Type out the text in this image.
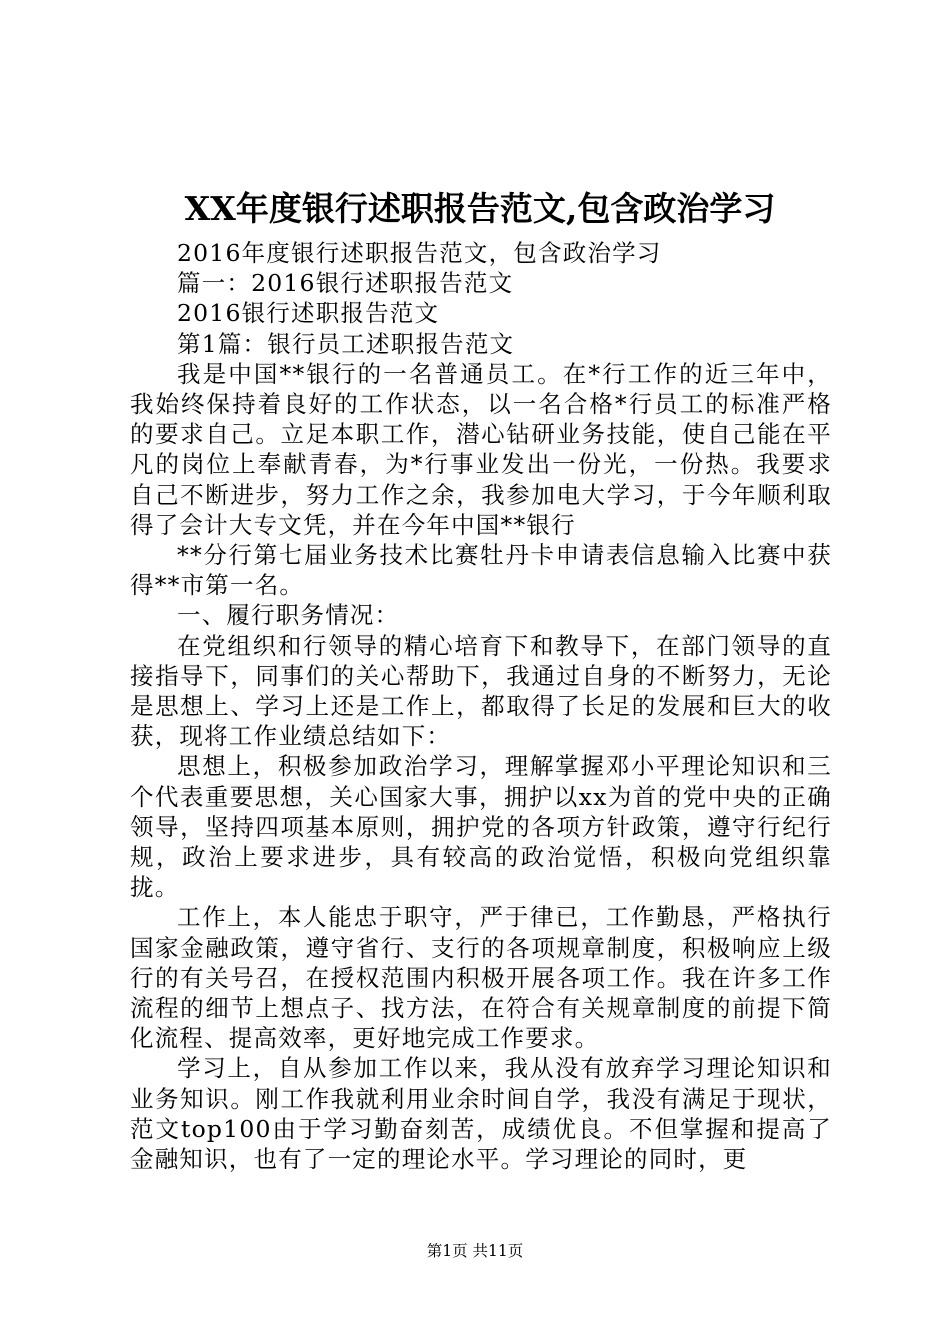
XX年度银行述职报告范文,包含政治学习

2016年度银行述职报告范文，包含政治学习

篇一：2016银行述职报告范文

2016银行述职报告范文

第1篇：银行员工述职报告范文

我是中国**银行的一名普通员工。在*行工作的近三年中，我始终保持着良好的工作状态，以一名合格*行员工的标准严格的要求自己。立足本职工作，潜心钻研业务技能，使自己能在平凡的岗位上奉献青春，为*行事业发出一份光，一份热。我要求自己不断进步，努力工作之余，我参加电大学习，于今年顺利取得了会计大专文凭，并在今年中国**银行

**分行第七届业务技术比赛牡丹卡申请表信息输入比赛中获得**市第一名。

一、履行职务情况：

在党组织和行领导的精心培育下和教导下，在部门领导的直接指导下，同事们的关心帮助下，我通过自身的不断努力，无论是思想上、学习上还是工作上，都取得了长足的发展和巨大的收获，现将工作业绩总结如下：

思想上，积极参加政治学习，理解掌握邓小平理论知识和三个代表重要思想，关心国家大事，拥护以xx为首的党中央的正确领导，坚持四项基本原则，拥护党的各项方针政策，遵守行纪行规，政治上要求进步，具有较高的政治觉悟，积极向党组织靠拢。

工作上，本人能忠于职守，严于律已，工作勤恳，严格执行国家金融政策，遵守省行、支行的各项规章制度，积极响应上级行的有关号召，在授权范围内积极开展各项工作。我在许多工作流程的细节上想点子、找方法，在符合有关规章制度的前提下简化流程、提高效率，更好地完成工作要求。

学习上，自从参加工作以来，我从没有放弃学习理论知识和业务知识。刚工作我就利用业余时间自学，我没有满足于现状，范文top100由于学习勤奋刻苦，成绩优良。不但掌握和提高了金融知识，也有了一定的理论水平。学习理论的同时，更

第1页 共11页
